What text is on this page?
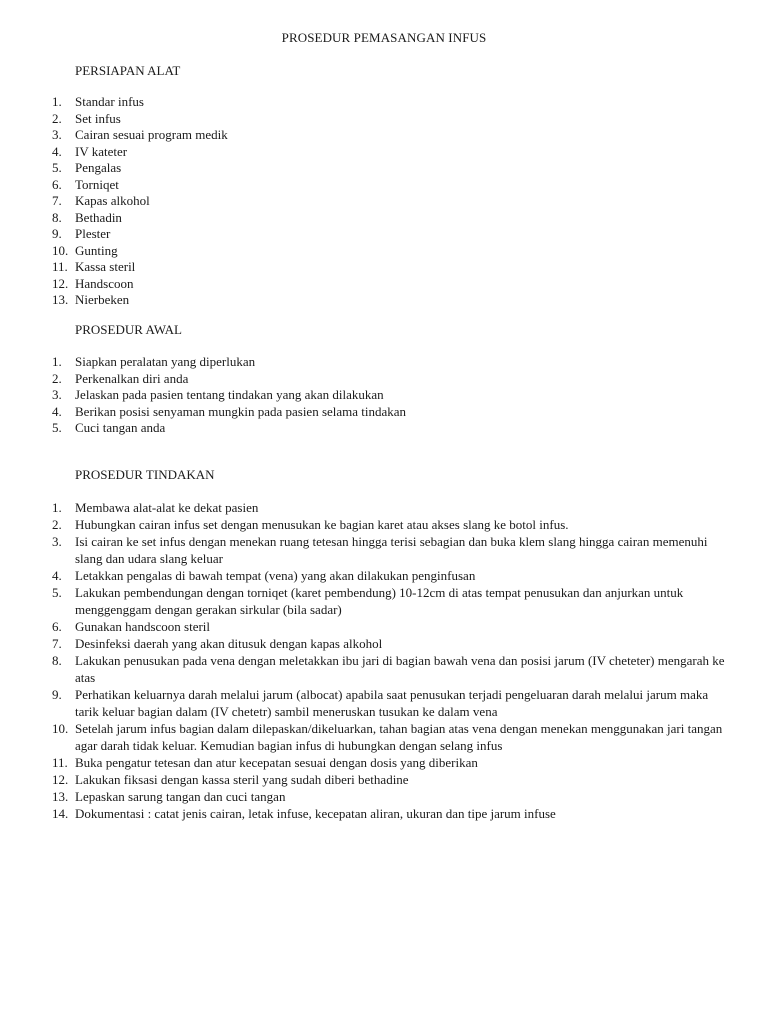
PROSEDUR PEMASANGAN INFUS
PERSIAPAN ALAT
1. Standar infus
2. Set infus
3. Cairan sesuai program medik
4. IV kateter
5. Pengalas
6. Torniqet
7. Kapas alkohol
8. Bethadin
9. Plester
10. Gunting
11. Kassa steril
12. Handscoon
13. Nierbeken
PROSEDUR AWAL
1. Siapkan peralatan yang diperlukan
2. Perkenalkan diri anda
3. Jelaskan pada pasien tentang tindakan yang akan dilakukan
4. Berikan posisi senyaman mungkin pada pasien selama tindakan
5. Cuci tangan anda
PROSEDUR TINDAKAN
1. Membawa alat-alat ke dekat pasien
2. Hubungkan cairan infus set dengan menusukan ke bagian karet atau akses slang ke botol infus.
3. Isi cairan ke set infus dengan menekan ruang tetesan hingga terisi sebagian dan buka klem slang hingga cairan memenuhi slang dan udara slang keluar
4. Letakkan pengalas di bawah tempat (vena) yang akan dilakukan penginfusan
5. Lakukan pembendungan dengan torniqet (karet pembendung) 10-12cm di atas tempat penusukan dan anjurkan untuk menggenggam dengan gerakan sirkular (bila sadar)
6. Gunakan handscoon steril
7. Desinfeksi daerah yang akan ditusuk dengan kapas alkohol
8. Lakukan penusukan pada vena dengan meletakkan ibu jari di bagian bawah vena dan posisi jarum (IV cheteter) mengarah ke atas
9. Perhatikan keluarnya darah melalui jarum (albocat) apabila saat penusukan terjadi pengeluaran darah melalui jarum maka tarik keluar bagian dalam (IV chetetr) sambil meneruskan tusukan ke dalam vena
10. Setelah jarum infus bagian dalam dilepaskan/dikeluarkan, tahan bagian atas vena dengan menekan menggunakan jari tangan agar darah tidak keluar. Kemudian bagian infus di hubungkan dengan selang infus
11. Buka pengatur tetesan dan atur kecepatan sesuai dengan dosis yang diberikan
12. Lakukan fiksasi dengan kassa steril yang sudah diberi bethadine
13. Lepaskan sarung tangan dan cuci tangan
14. Dokumentasi : catat jenis cairan, letak infuse, kecepatan aliran, ukuran dan tipe jarum infuse
